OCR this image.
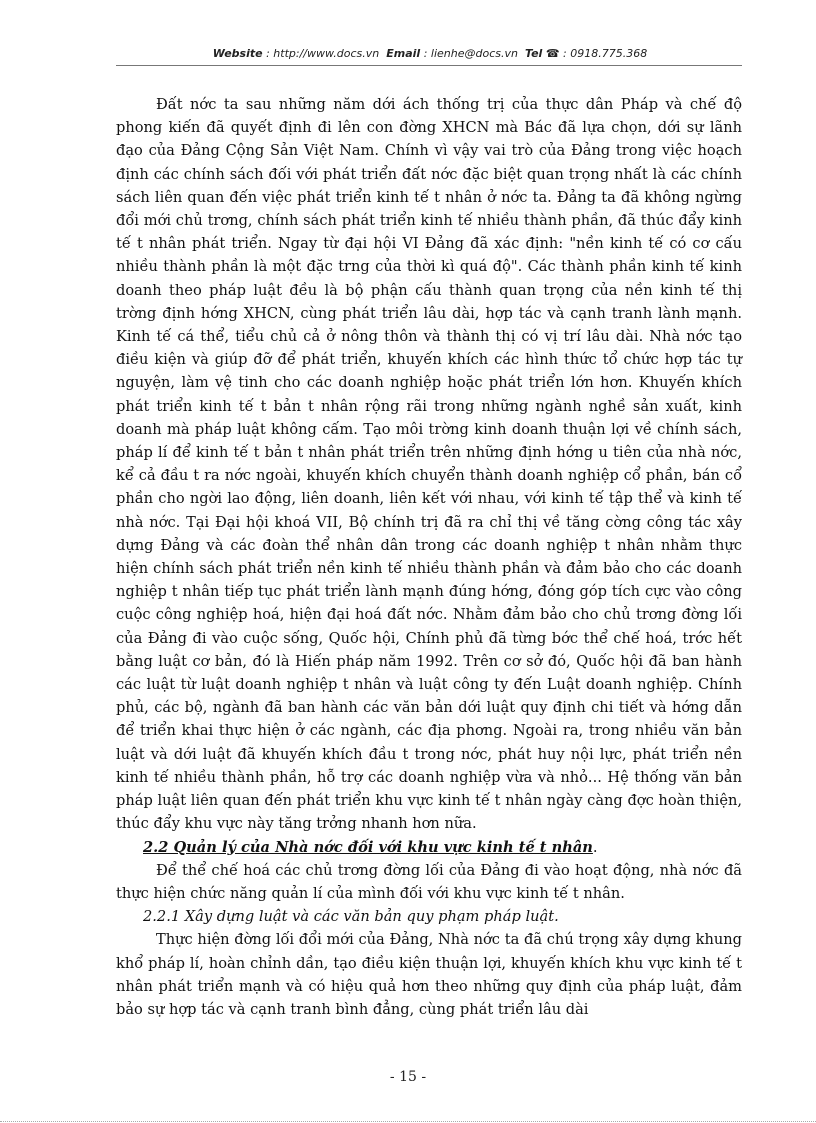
Website : http://www.docs.vn Email : lienhe@docs.vn Tel ☎ : 0918.775.368

Đất nớc ta sau những năm dới ách thống trị của thực dân Pháp và chế độ phong kiến đã quyết định đi lên con đờng XHCN mà Bác đã lựa chọn, dới sự lãnh đạo của Đảng Cộng Sản Việt Nam. Chính vì vậy vai trò của Đảng trong việc hoạch định các chính sách đối với phát triển đất nớc đặc biệt quan trọng nhất là các chính sách liên quan đến việc phát triển kinh tế t nhân ở nớc ta. Đảng ta đã không ngừng đổi mới chủ trơng, chính sách phát triển kinh tế nhiều thành phần, đã thúc đẩy kinh tế t nhân phát triển. Ngay từ đại hội VI Đảng đã xác định: "nền kinh tế có cơ cấu nhiều thành phần là một đặc trng của thời kì quá độ". Các thành phần kinh tế kinh doanh theo pháp luật đều là bộ phận cấu thành quan trọng của nền kinh tế thị trờng định hớng XHCN, cùng phát triển lâu dài, hợp tác và cạnh tranh lành mạnh. Kinh tế cá thể, tiểu chủ cả ở nông thôn và thành thị có vị trí lâu dài. Nhà nớc tạo điều kiện và giúp đỡ để phát triển, khuyến khích các hình thức tổ chức hợp tác tự nguyện, làm vệ tinh cho các doanh nghiệp hoặc phát triển lớn hơn. Khuyến khích phát triển kinh tế t bản t nhân rộng rãi trong những ngành nghề sản xuất, kinh doanh mà pháp luật không cấm. Tạo môi trờng kinh doanh thuận lợi về chính sách, pháp lí để kinh tế t bản t nhân phát triển trên những định hớng u tiên của nhà nớc, kể cả đầu t ra nớc ngoài, khuyến khích chuyển thành doanh nghiệp cổ phần, bán cổ phần cho ngời lao động, liên doanh, liên kết với nhau, với kinh tế tập thể và kinh tế nhà nớc. Tại Đại hội khoá VII, Bộ chính trị đã ra chỉ thị về tăng cờng công tác xây dựng Đảng và các đoàn thể nhân dân trong các doanh nghiệp t nhân nhằm thực hiện chính sách phát triển nền kinh tế nhiều thành phần và đảm bảo cho các doanh nghiệp t nhân tiếp tục phát triển lành mạnh đúng hớng, đóng góp tích cực vào công cuộc công nghiệp hoá, hiện đại hoá đất nớc. Nhằm đảm bảo cho chủ trơng đờng lối của Đảng đi vào cuộc sống, Quốc hội, Chính phủ đã từng bớc thể chế hoá, trớc hết bằng luật cơ bản, đó là Hiến pháp năm 1992. Trên cơ sở đó, Quốc hội đã ban hành các luật từ luật doanh nghiệp t nhân và luật công ty đến Luật doanh nghiệp. Chính phủ, các bộ, ngành đã ban hành các văn bản dới luật quy định chi tiết và hớng dẫn để triển khai thực hiện ở các ngành, các địa phơng. Ngoài ra, trong nhiều văn bản luật và dới luật đã khuyến khích đầu t trong nớc, phát huy nội lực, phát triển nền kinh tế nhiều thành phần, hỗ trợ các doanh nghiệp vừa và nhỏ... Hệ thống văn bản pháp luật liên quan đến phát triển khu vực kinh tế t nhân ngày càng đợc hoàn thiện, thúc đẩy khu vực này tăng trởng nhanh hơn nữa.

2.2 Quản lý của Nhà nớc đối với khu vực kinh tế t nhân.

Để thể chế hoá các chủ trơng đờng lối của Đảng đi vào hoạt động, nhà nớc đã thực hiện chức năng quản lí của mình đối với khu vực kinh tế t nhân.

2.2.1 Xây dựng luật và các văn bản quy phạm pháp luật.

Thực hiện đờng lối đổi mới của Đảng, Nhà nớc ta đã chú trọng xây dựng khung khổ pháp lí, hoàn chỉnh dần, tạo điều kiện thuận lợi, khuyến khích khu vực kinh tế t nhân phát triển mạnh và có hiệu quả hơn theo những quy định của pháp luật, đảm bảo sự hợp tác và cạnh tranh bình đẳng, cùng phát triển lâu dài

- 15 -
